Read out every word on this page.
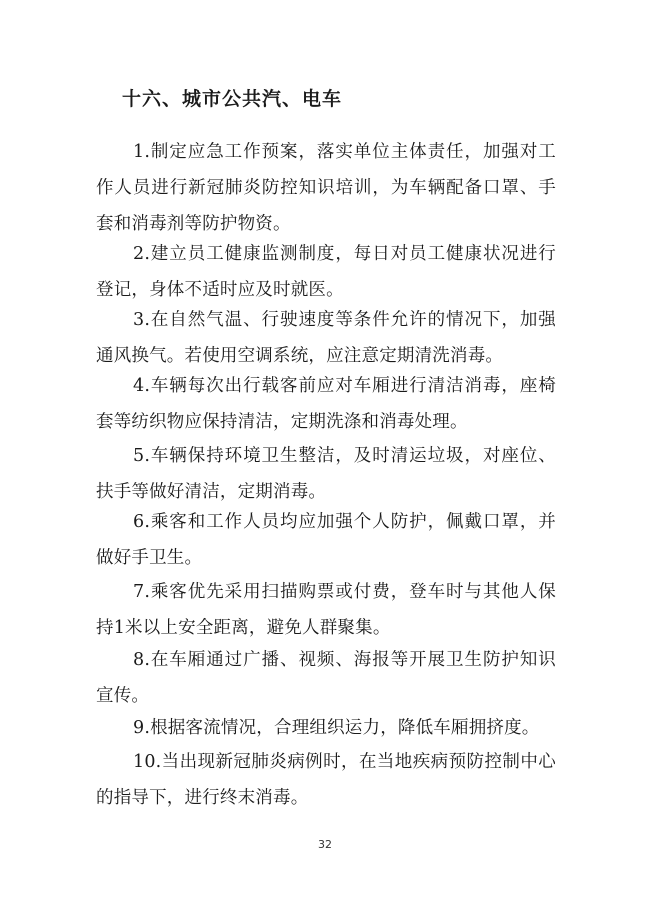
十六、城市公共汽、电车

1.制定应急工作预案，落实单位主体责任，加强对工作人员进行新冠肺炎防控知识培训，为车辆配备口罩、手套和消毒剂等防护物资。

2.建立员工健康监测制度，每日对员工健康状况进行登记，身体不适时应及时就医。

3.在自然气温、行驶速度等条件允许的情况下，加强通风换气。若使用空调系统，应注意定期清洗消毒。

4.车辆每次出行载客前应对车厢进行清洁消毒，座椅套等纺织物应保持清洁，定期洗涤和消毒处理。

5.车辆保持环境卫生整洁，及时清运垃圾，对座位、扶手等做好清洁，定期消毒。

6.乘客和工作人员均应加强个人防护，佩戴口罩，并做好手卫生。

7.乘客优先采用扫描购票或付费，登车时与其他人保持1米以上安全距离，避免人群聚集。

8.在车厢通过广播、视频、海报等开展卫生防护知识宣传。

9.根据客流情况，合理组织运力，降低车厢拥挤度。

10.当出现新冠肺炎病例时，在当地疾病预防控制中心的指导下，进行终末消毒。

32
